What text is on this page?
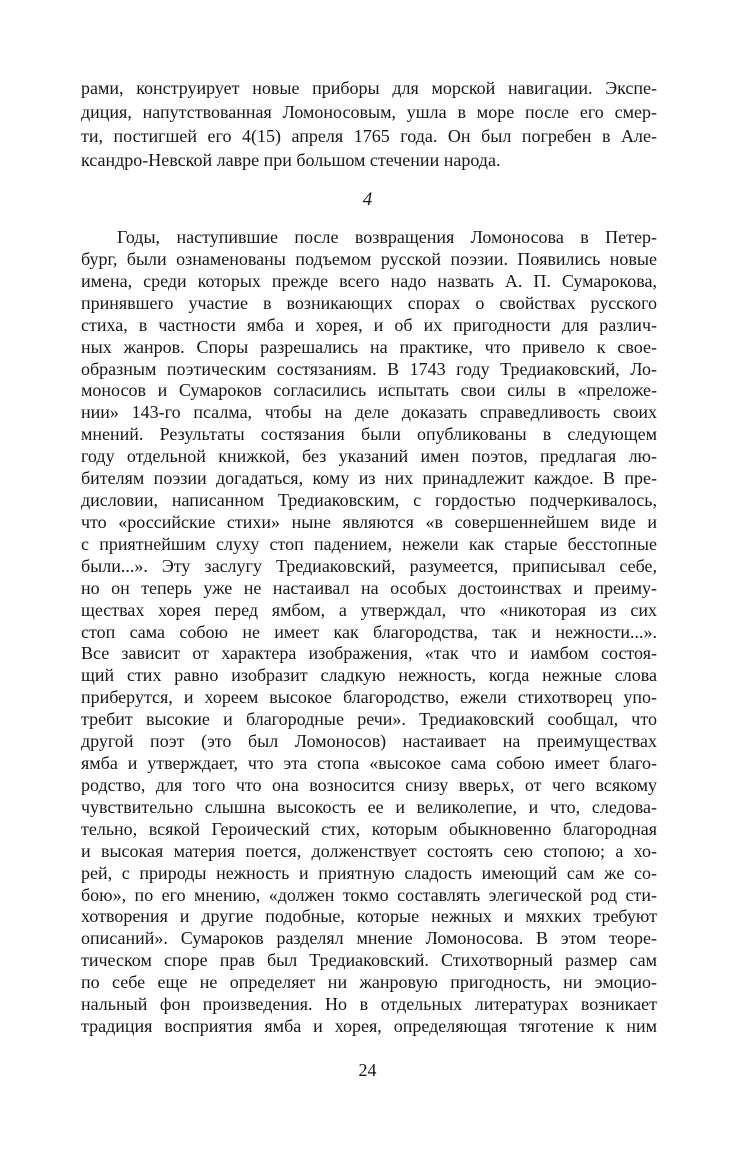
рами, конструирует новые приборы для морской навигации. Экспе-
диция, напутствованная Ломоносовым, ушла в море после его смер-
ти, постигшей его 4(15) апреля 1765 года. Он был погребен в Але-
ксандро-Невской лавре при большом стечении народа.
4
Годы, наступившие после возвращения Ломоносова в Петер-
бург, были ознаменованы подъемом русской поэзии. Появились новые
имена, среди которых прежде всего надо назвать А. П. Сумарокова,
принявшего участие в возникающих спорах о свойствах русского
стиха, в частности ямба и хорея, и об их пригодности для различ-
ных жанров. Споры разрешались на практике, что привело к свое-
образным поэтическим состязаниям. В 1743 году Тредиаковский, Ло-
моносов и Сумароков согласились испытать свои силы в «преложе-
нии» 143-го псалма, чтобы на деле доказать справедливость своих
мнений. Результаты состязания были опубликованы в следующем
году отдельной книжкой, без указаний имен поэтов, предлагая лю-
бителям поэзии догадаться, кому из них принадлежит каждое. В пре-
дисловии, написанном Тредиаковским, с гордостью подчеркивалось,
что «российские стихи» ныне являются «в совершеннейшем виде и
с приятнейшим слуху стоп падением, нежели как старые бесстопные
были...». Эту заслугу Тредиаковский, разумеется, приписывал себе,
но он теперь уже не настаивал на особых достоинствах и преиму-
ществах хорея перед ямбом, а утверждал, что «никоторая из сих
стоп сама собою не имеет как благородства, так и нежности...».
Все зависит от характера изображения, «так что и иамбом состоя-
щий стих равно изобразит сладкую нежность, когда нежные слова
приберутся, и хореем высокое благородство, ежели стихотворец упо-
требит высокие и благородные речи». Тредиаковский сообщал, что
другой поэт (это был Ломоносов) настаивает на преимуществах
ямба и утверждает, что эта стопа «высокое сама собою имеет благо-
родство, для того что она возносится снизу вверьх, от чего всякому
чувствительно слышна высокость ее и великолепие, и что, следова-
тельно, всякой Героический стих, которым обыкновенно благородная
и высокая материя поется, долженствует состоять сею стопою; а хо-
рей, с природы нежность и приятную сладость имеющий сам же со-
бою», по его мнению, «должен токмо составлять элегической род сти-
хотворения и другие подобные, которые нежных и мяхких требуют
описаний». Сумароков разделял мнение Ломоносова. В этом теоре-
тическом споре прав был Тредиаковский. Стихотворный размер сам
по себе еще не определяет ни жанровую пригодность, ни эмоцио-
нальный фон произведения. Но в отдельных литературах возникает
традиция восприятия ямба и хорея, определяющая тяготение к ним
24
